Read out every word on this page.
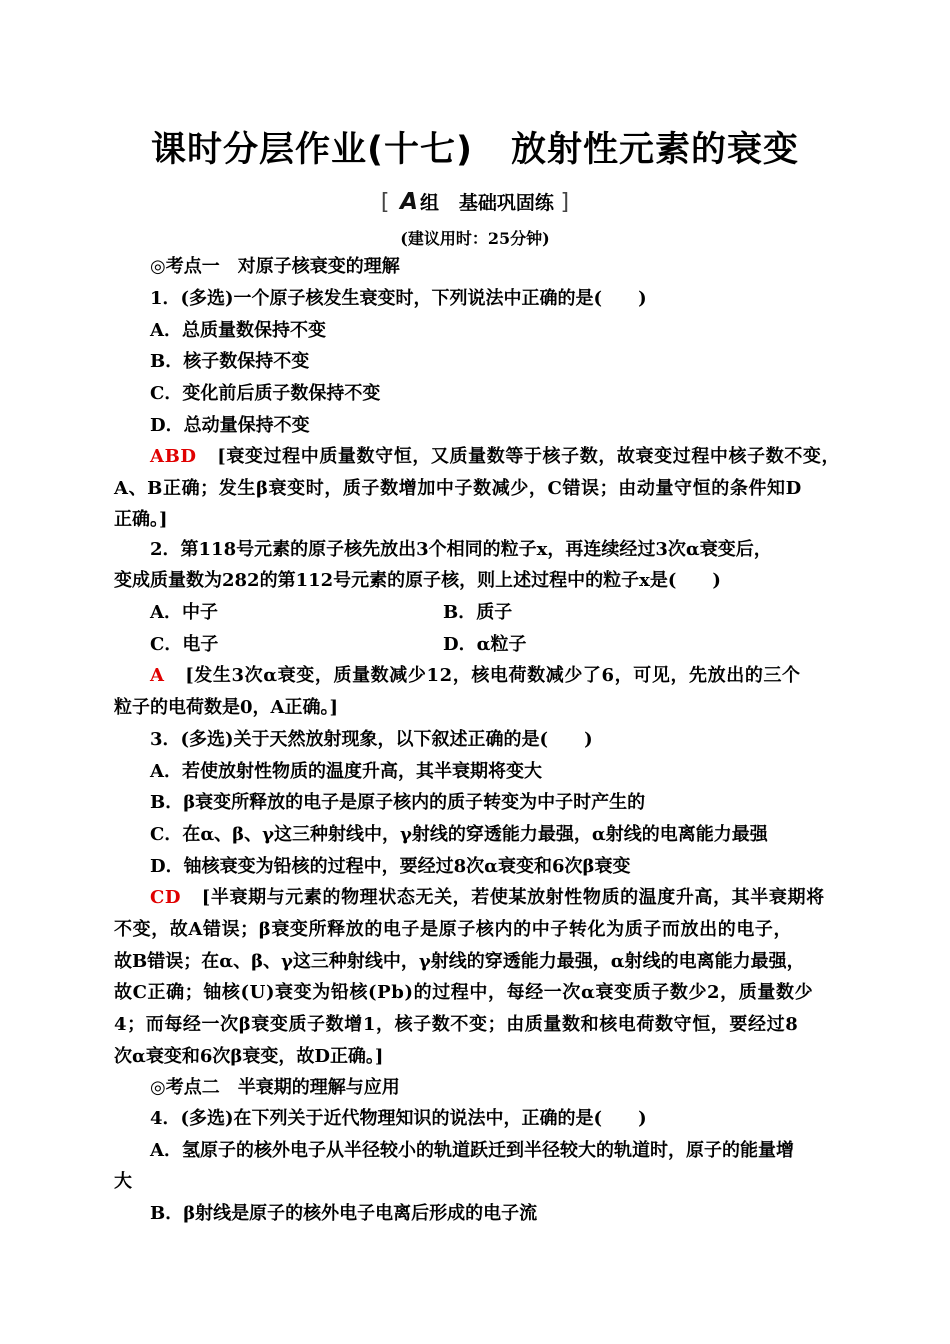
课时分层作业(十七) 放射性元素的衰变
[ A 组 基础巩固练 ]
(建议用时：25分钟)
◎考点一　对原子核衰变的理解
1．(多选)一个原子核发生衰变时，下列说法中正确的是(　　)
A．总质量数保持不变
B．核子数保持不变
C．变化前后质子数保持不变
D．总动量保持不变
ABD [衰变过程中质量数守恒，又质量数等于核子数，故衰变过程中核子数不变，
A、B正确；发生β衰变时，质子数增加中子数减少，C错误；由动量守恒的条件知D
正确。]
2．第118号元素的原子核先放出3个相同的粒子x，再连续经过3次α衰变后，
变成质量数为282的第112号元素的原子核，则上述过程中的粒子x是(　　)
A．中子	B．质子
C．电子	D．α粒子
A [发生3次α衰变，质量数减少12，核电荷数减少了6，可见，先放出的三个
粒子的电荷数是0，A正确。]
3．(多选)关于天然放射现象，以下叙述正确的是(　　)
A．若使放射性物质的温度升高，其半衰期将变大
B．β衰变所释放的电子是原子核内的质子转变为中子时产生的
C．在α、β、γ这三种射线中，γ射线的穿透能力最强，α射线的电离能力最强
D．铀核衰变为铅核的过程中，要经过8次α衰变和6次β衰变
CD [半衰期与元素的物理状态无关，若使某放射性物质的温度升高，其半衰期将
不变，故A错误；β衰变所释放的电子是原子核内的中子转化为质子而放出的电子，
故B错误；在α、β、γ这三种射线中，γ射线的穿透能力最强，α射线的电离能力最强，
故C正确；铀核(U)衰变为铅核(Pb)的过程中，每经一次α衰变质子数少2，质量数少
4；而每经一次β衰变质子数增1，核子数不变；由质量数和核电荷数守恒，要经过8
次α衰变和6次β衰变，故D正确。]
◎考点二　半衰期的理解与应用
4．(多选)在下列关于近代物理知识的说法中，正确的是(　　)
A．氢原子的核外电子从半径较小的轨道跃迁到半径较大的轨道时，原子的能量增
大
B．β射线是原子的核外电子电离后形成的电子流
